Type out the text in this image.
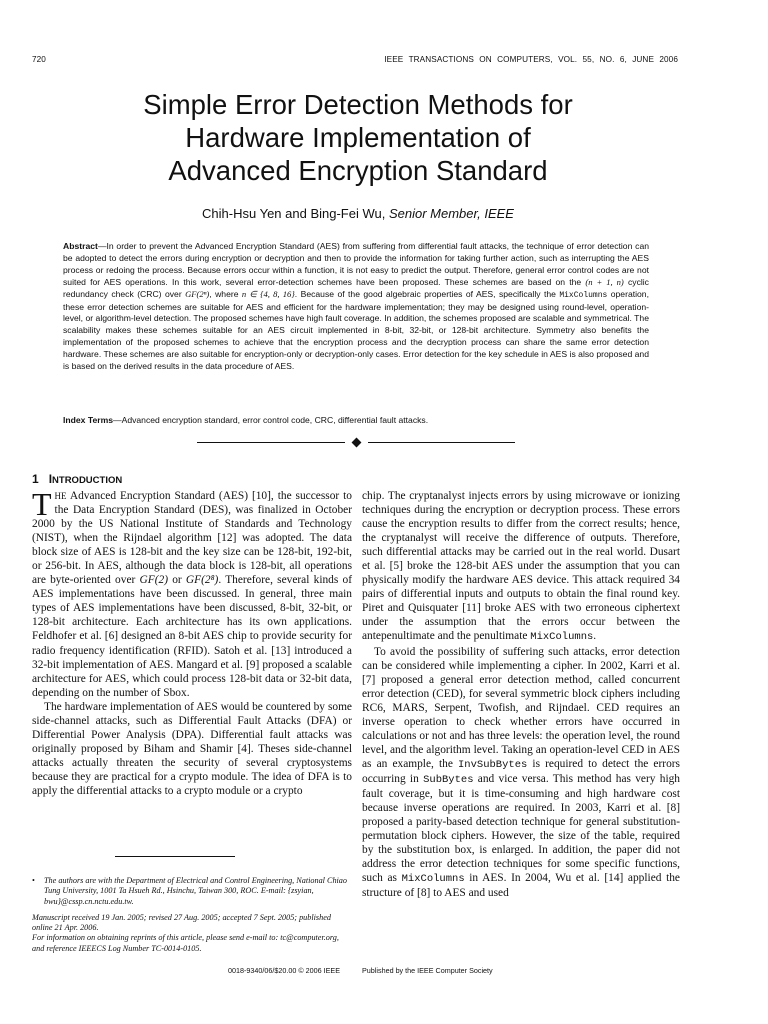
720	IEEE TRANSACTIONS ON COMPUTERS, VOL. 55, NO. 6, JUNE 2006
Simple Error Detection Methods for
Hardware Implementation of
Advanced Encryption Standard
Chih-Hsu Yen and Bing-Fei Wu, Senior Member, IEEE
Abstract—In order to prevent the Advanced Encryption Standard (AES) from suffering from differential fault attacks, the technique of error detection can be adopted to detect the errors during encryption or decryption and then to provide the information for taking further action, such as interrupting the AES process or redoing the process. Because errors occur within a function, it is not easy to predict the output. Therefore, general error control codes are not suited for AES operations. In this work, several error-detection schemes have been proposed. These schemes are based on the (n + 1, n) cyclic redundancy check (CRC) over GF(2ⁿ), where n ∈ {4, 8, 16}. Because of the good algebraic properties of AES, specifically the MixColumns operation, these error detection schemes are suitable for AES and efficient for the hardware implementation; they may be designed using round-level, operation-level, or algorithm-level detection. The proposed schemes have high fault coverage. In addition, the schemes proposed are scalable and symmetrical. The scalability makes these schemes suitable for an AES circuit implemented in 8-bit, 32-bit, or 128-bit architecture. Symmetry also benefits the implementation of the proposed schemes to achieve that the encryption process and the decryption process can share the same error detection hardware. These schemes are also suitable for encryption-only or decryption-only cases. Error detection for the key schedule in AES is also proposed and is based on the derived results in the data procedure of AES.
Index Terms—Advanced encryption standard, error control code, CRC, differential fault attacks.
1 INTRODUCTION

THE Advanced Encryption Standard (AES) [10], the successor to the Data Encryption Standard (DES), was finalized in October 2000 by the US National Institute of Standards and Technology (NIST), when the Rijndael algorithm [12] was adopted. The data block size of AES is 128-bit and the key size can be 128-bit, 192-bit, or 256-bit. In AES, although the data block is 128-bit, all operations are byte-oriented over GF(2) or GF(2⁸). Therefore, several kinds of AES implementations have been discussed. In general, three main types of AES implementations have been discussed, 8-bit, 32-bit, or 128-bit architecture. Each architecture has its own applications. Feldhofer et al. [6] designed an 8-bit AES chip to provide security for radio frequency identification (RFID). Satoh et al. [13] introduced a 32-bit implementation of AES. Mangard et al. [9] proposed a scalable architecture for AES, which could process 128-bit data or 32-bit data, depending on the number of Sbox.

The hardware implementation of AES would be countered by some side-channel attacks, such as Differential Fault Attacks (DFA) or Differential Power Analysis (DPA). Differential fault attacks was originally proposed by Biham and Shamir [4]. Theses side-channel attacks actually threaten the security of several cryptosystems because they are practical for a crypto module. The idea of DFA is to apply the differential attacks to a crypto module or a crypto

chip. The cryptanalyst injects errors by using microwave or ionizing techniques during the encryption or decryption process. These errors cause the encryption results to differ from the correct results; hence, the cryptanalyst will receive the difference of outputs. Therefore, such differential attacks may be carried out in the real world. Dusart et al. [5] broke the 128-bit AES under the assumption that you can physically modify the hardware AES device. This attack required 34 pairs of differential inputs and outputs to obtain the final round key. Piret and Quisquater [11] broke AES with two erroneous ciphertext under the assumption that the errors occur between the antepenultimate and the penultimate MixColumns.

To avoid the possibility of suffering such attacks, error detection can be considered while implementing a cipher. In 2002, Karri et al. [7] proposed a general error detection method, called concurrent error detection (CED), for several symmetric block ciphers including RC6, MARS, Serpent, Twofish, and Rijndael. CED requires an inverse operation to check whether errors have occurred in calculations or not and has three levels: the operation level, the round level, and the algorithm level. Taking an operation-level CED in AES as an example, the InvSubBytes is required to detect the errors occurring in SubBytes and vice versa. This method has very high fault coverage, but it is time-consuming and high hardware cost because inverse operations are required. In 2003, Karri et al. [8] proposed a parity-based detection technique for general substitution-permutation block ciphers. However, the size of the table, required by the substitution box, is enlarged. In addition, the paper did not address the error detection techniques for some specific functions, such as MixColumns in AES. In 2004, Wu et al. [14] applied the structure of [8] to AES and used

•	The authors are with the Department of Electrical and Control Engineering, National Chiao Tung University, 1001 Ta Hsueh Rd., Hsinchu, Taiwan 300, ROC. E-mail: {zsyian, bwu}@cssp.cn.nctu.edu.tw.
Manuscript received 19 Jan. 2005; revised 27 Aug. 2005; accepted 7 Sept. 2005; published online 21 Apr. 2006.
For information on obtaining reprints of this article, please send e-mail to: tc@computer.org, and reference IEEECS Log Number TC-0014-0105.
0018-9340/06/$20.00 © 2006 IEEE	Published by the IEEE Computer Society
